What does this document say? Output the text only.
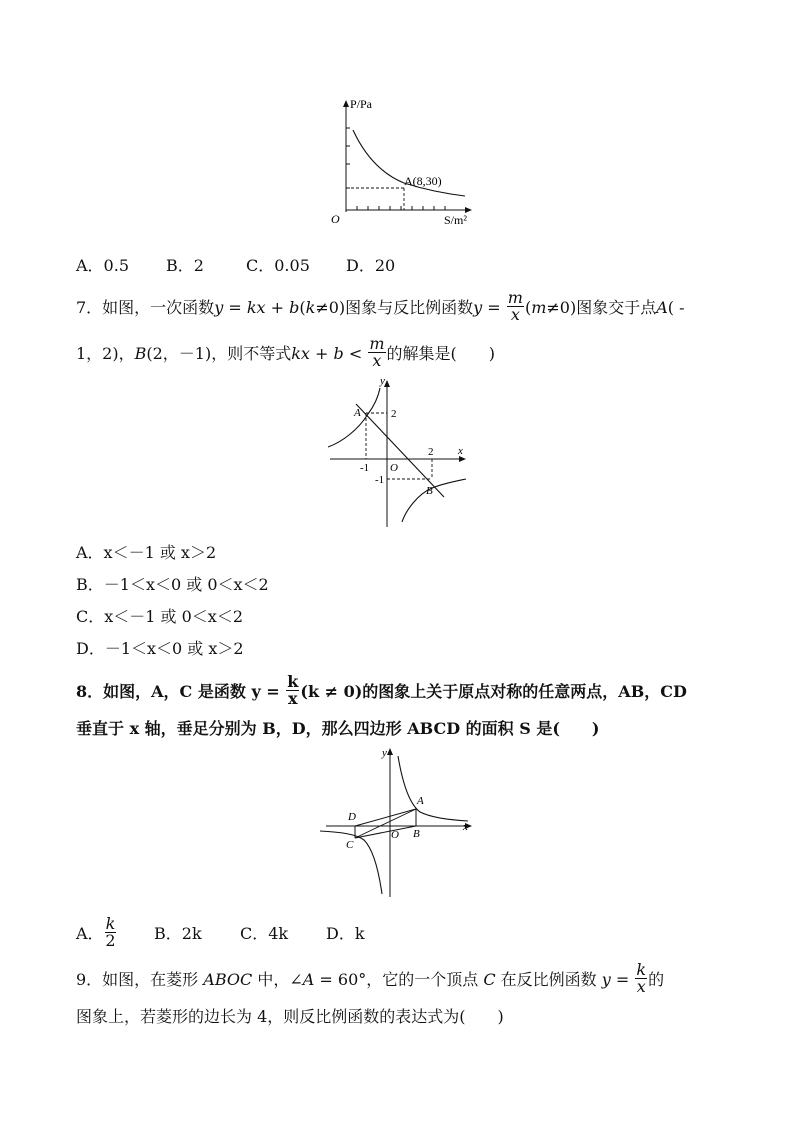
P/Pa
S/m²
O
A(8,30)
A．0.5 B．2	C．0.05 D．20
7．如图，一次函数y = kx + b(k≠0)图象与反比例函数$y = \frac{m}{x} (m\ne 0)$图象交于点A( -
1，2)，B(2，－1)，则不等式kx + $b < \frac{m}{x}$ 的解集是(　　)
y
x
O
A
B
2
-1
-1
2
A．x＜－1 或 x＞2
B．－1＜x＜0 或 0＜x＜2
C．x＜－1 或 0＜x＜2
D．－1＜x＜0 或 x＞2
8．如图，A，C 是函数 $y = \frac{k}{x} (k \ne 0)$的图象上关于原点对称的任意两点，AB，CD
垂直于 x 轴，垂足分别为 B，D，那么四边形 ABCD 的面积 S 是(　　)
y
x
O
A
B
C
D
A． $\frac{k}{2}$ B．2k C．4k D．k
9．如图，在菱形 ABOC 中，∠A = 60°，它的一个顶点 C 在反比例函数 $y = \frac{k}{x}$ 的
图象上，若菱形的边长为 4，则反比例函数的表达式为(　　)
